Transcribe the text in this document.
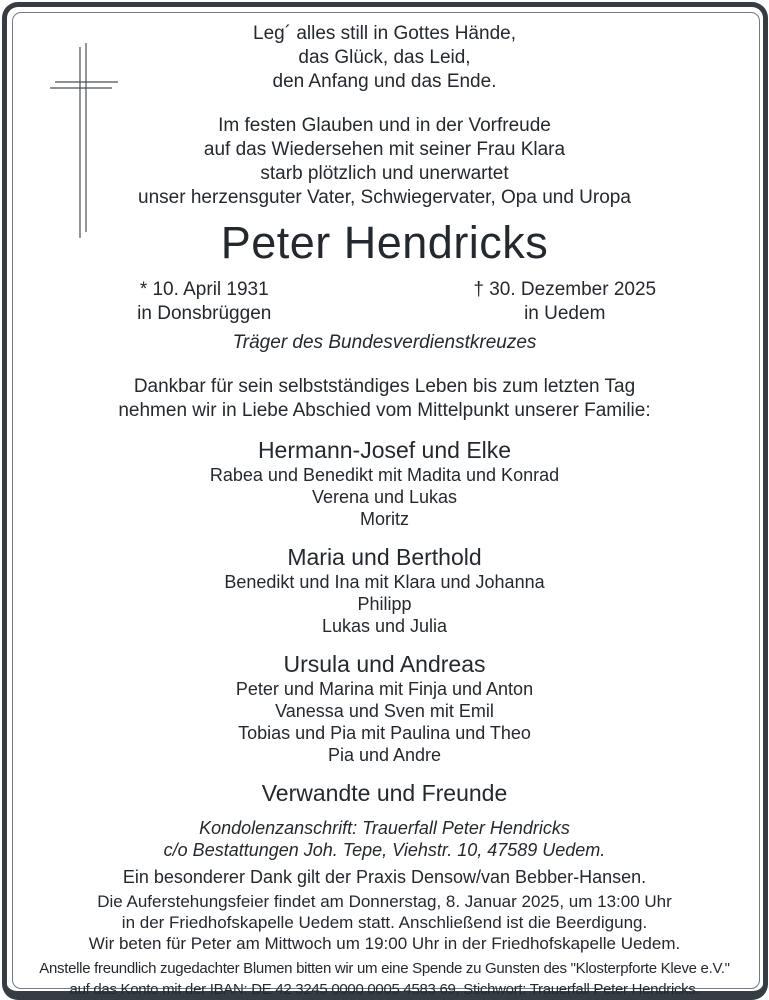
Leg´ alles still in Gottes Hände,
das Glück, das Leid,
den Anfang und das Ende.
Im festen Glauben und in der Vorfreude
auf das Wiedersehen mit seiner Frau Klara
starb plötzlich und unerwartet
unser herzensguter Vater, Schwiegervater, Opa und Uropa
Peter Hendricks
* 10. April 1931
in Donsbrüggen
† 30. Dezember 2025
in Uedem
Träger des Bundesverdienstkreuzes
Dankbar für sein selbstständiges Leben bis zum letzten Tag
nehmen wir in Liebe Abschied vom Mittelpunkt unserer Familie:
Hermann-Josef und Elke
Rabea und Benedikt mit Madita und Konrad
Verena und Lukas
Moritz
Maria und Berthold
Benedikt und Ina mit Klara und Johanna
Philipp
Lukas und Julia
Ursula und Andreas
Peter und Marina mit Finja und Anton
Vanessa und Sven mit Emil
Tobias und Pia mit Paulina und Theo
Pia und Andre
Verwandte und Freunde
Kondolenzanschrift: Trauerfall Peter Hendricks
c/o Bestattungen Joh. Tepe, Viehstr. 10, 47589 Uedem.
Ein besonderer Dank gilt der Praxis Densow/van Bebber-Hansen.
Die Auferstehungsfeier findet am Donnerstag, 8. Januar 2025, um 13:00 Uhr
in der Friedhofskapelle Uedem statt. Anschließend ist die Beerdigung.
Wir beten für Peter am Mittwoch um 19:00 Uhr in der Friedhofskapelle Uedem.
Anstelle freundlich zugedachter Blumen bitten wir um eine Spende zu Gunsten des "Klosterpforte Kleve e.V."
auf das Konto mit der IBAN: DE 42 3245 0000 0005 4583 69, Stichwort: Trauerfall Peter Hendricks.
